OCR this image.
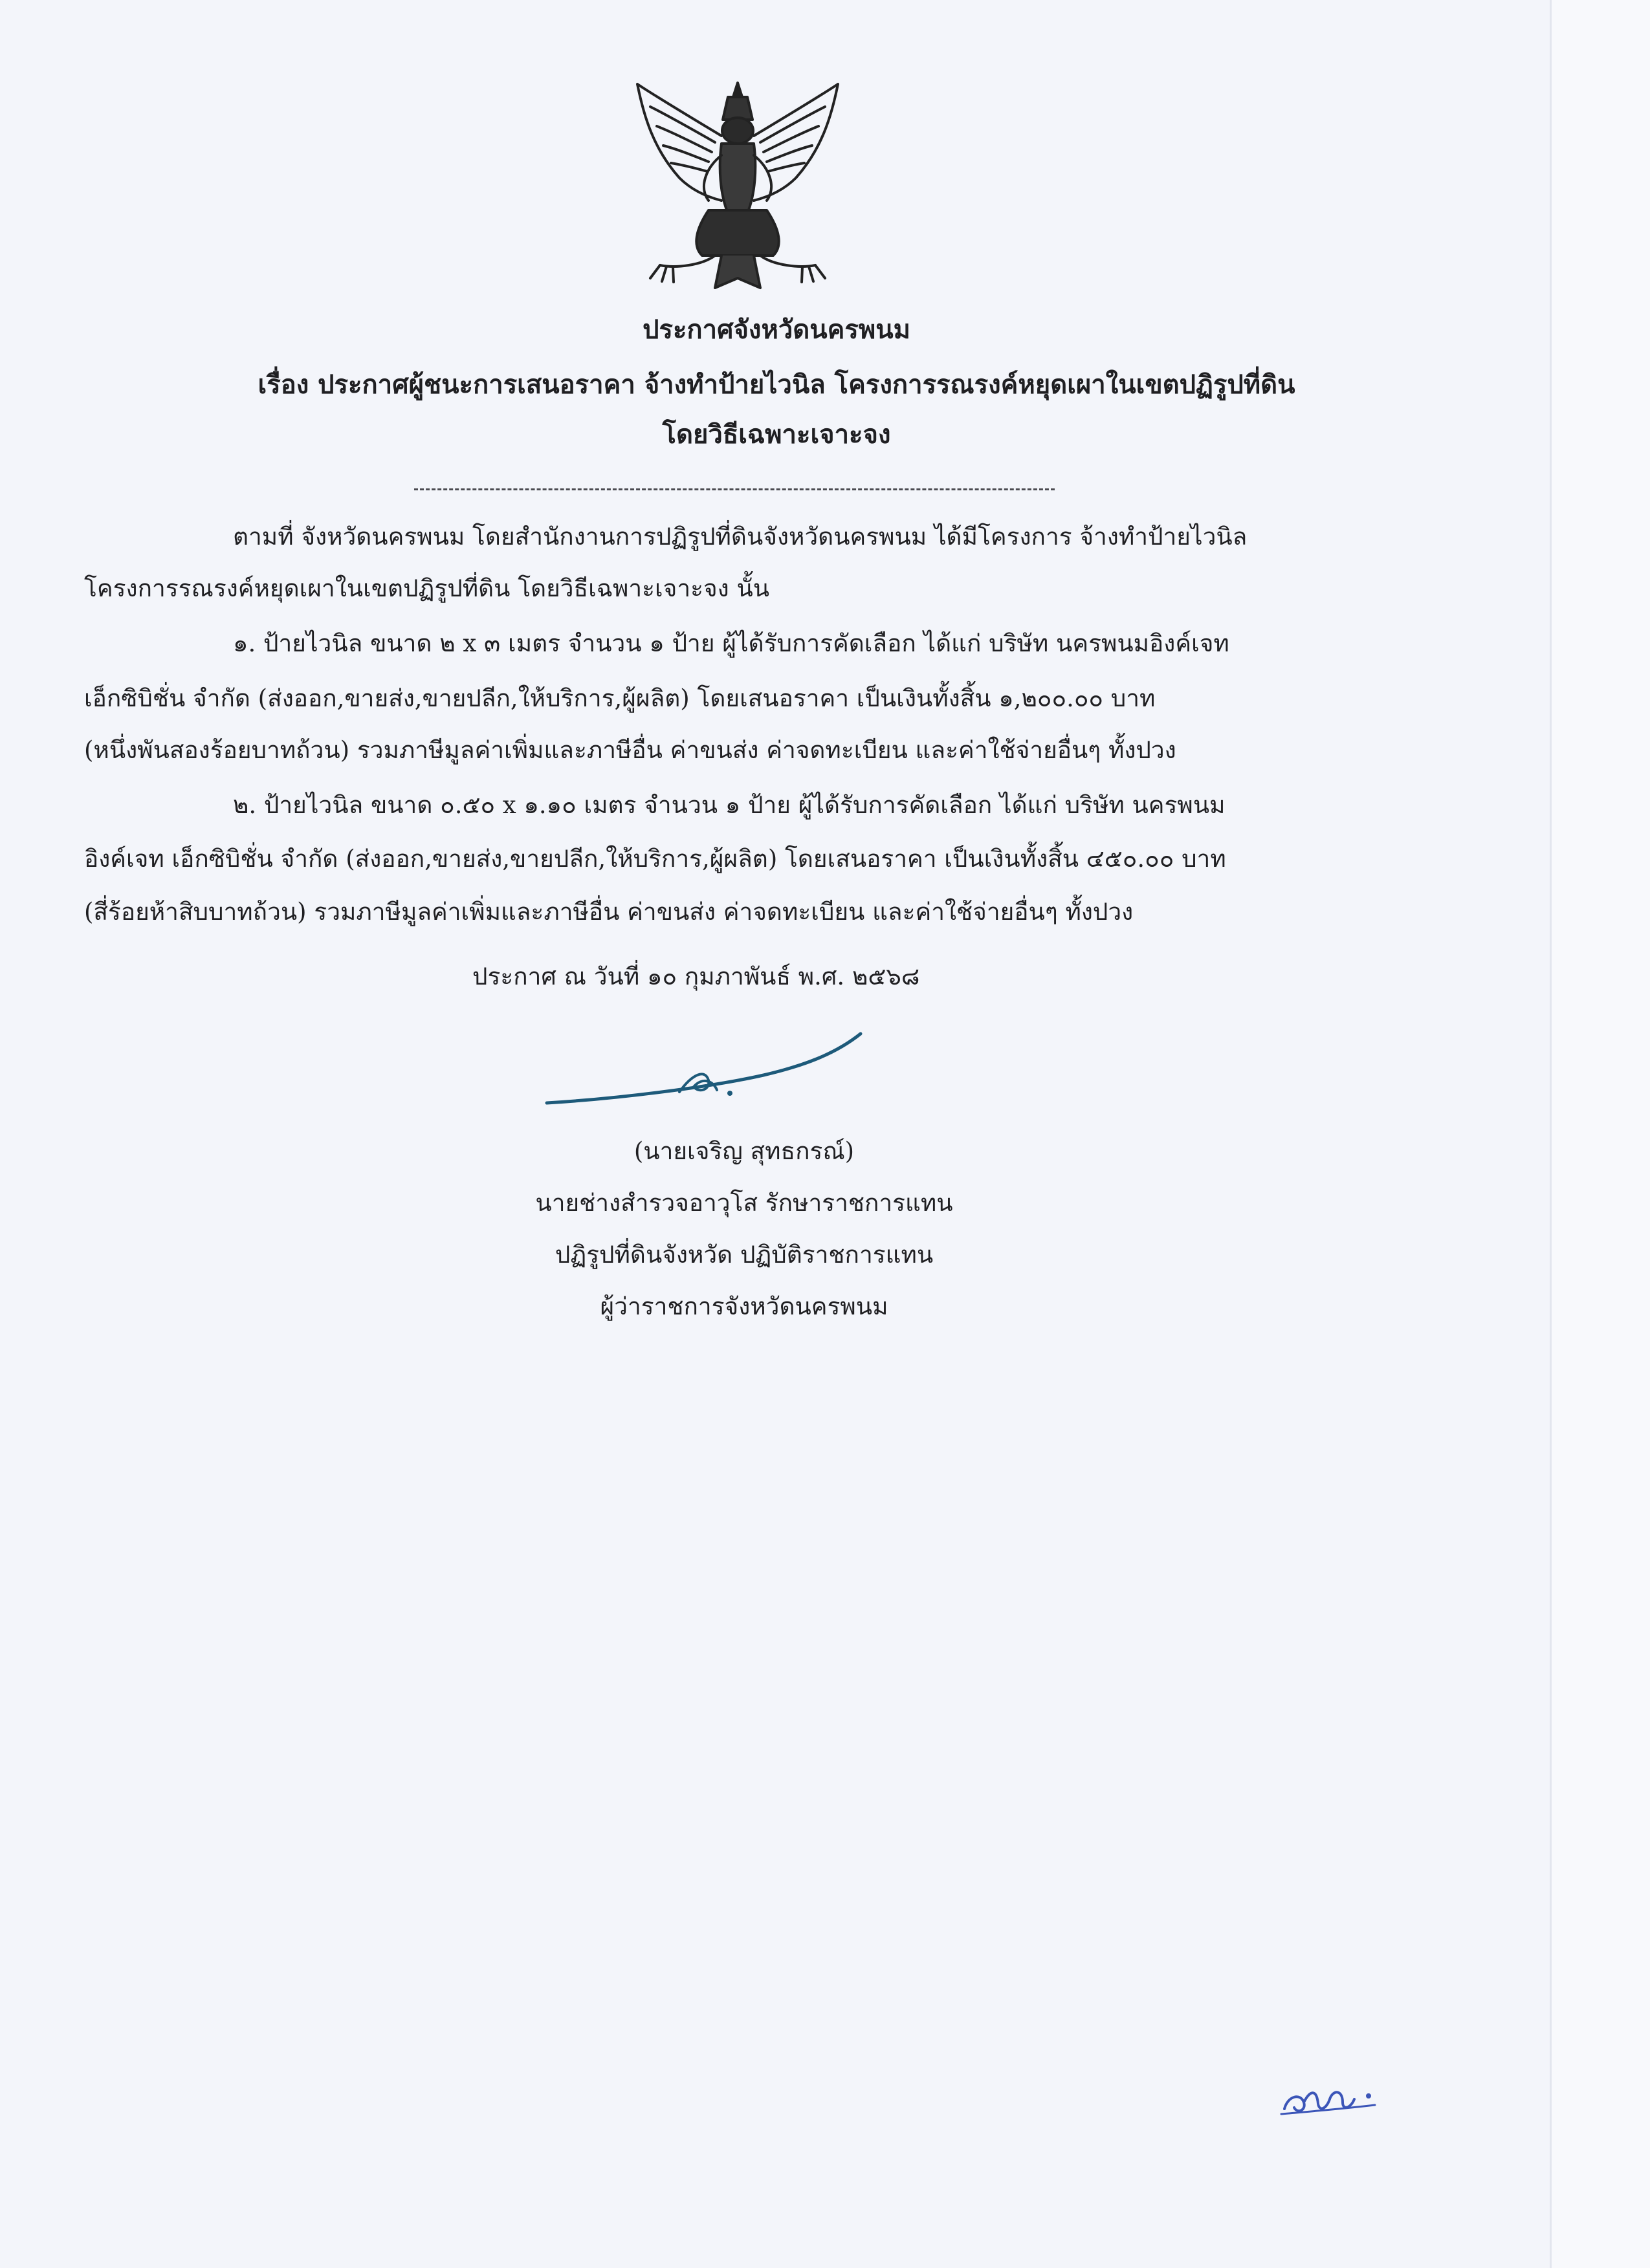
ประกาศจังหวัดนครพนม
เรื่อง ประกาศผู้ชนะการเสนอราคา จ้างทำป้ายไวนิล โครงการรณรงค์หยุดเผาในเขตปฏิรูปที่ดิน
โดยวิธีเฉพาะเจาะจง
ตามที่ จังหวัดนครพนม โดยสำนักงานการปฏิรูปที่ดินจังหวัดนครพนม ได้มีโครงการ จ้างทำป้ายไวนิล
โครงการรณรงค์หยุดเผาในเขตปฏิรูปที่ดิน โดยวิธีเฉพาะเจาะจง นั้น
๑. ป้ายไวนิล ขนาด ๒ x ๓ เมตร จำนวน ๑ ป้าย ผู้ได้รับการคัดเลือก ได้แก่ บริษัท นครพนมอิงค์เจท
เอ็กซิบิชั่น จำกัด (ส่งออก,ขายส่ง,ขายปลีก,ให้บริการ,ผู้ผลิต) โดยเสนอราคา เป็นเงินทั้งสิ้น ๑,๒๐๐.๐๐ บาท
(หนึ่งพันสองร้อยบาทถ้วน) รวมภาษีมูลค่าเพิ่มและภาษีอื่น ค่าขนส่ง ค่าจดทะเบียน และค่าใช้จ่ายอื่นๆ ทั้งปวง
๒. ป้ายไวนิล ขนาด ๐.๕๐ x ๑.๑๐ เมตร จำนวน ๑ ป้าย ผู้ได้รับการคัดเลือก ได้แก่ บริษัท นครพนม
อิงค์เจท เอ็กซิบิชั่น จำกัด (ส่งออก,ขายส่ง,ขายปลีก,ให้บริการ,ผู้ผลิต) โดยเสนอราคา เป็นเงินทั้งสิ้น ๔๕๐.๐๐ บาท
(สี่ร้อยห้าสิบบาทถ้วน) รวมภาษีมูลค่าเพิ่มและภาษีอื่น ค่าขนส่ง ค่าจดทะเบียน และค่าใช้จ่ายอื่นๆ ทั้งปวง
ประกาศ ณ วันที่ ๑๐ กุมภาพันธ์ พ.ศ. ๒๕๖๘
(นายเจริญ สุทธกรณ์)
นายช่างสำรวจอาวุโส รักษาราชการแทน
ปฏิรูปที่ดินจังหวัด ปฏิบัติราชการแทน
ผู้ว่าราชการจังหวัดนครพนม
